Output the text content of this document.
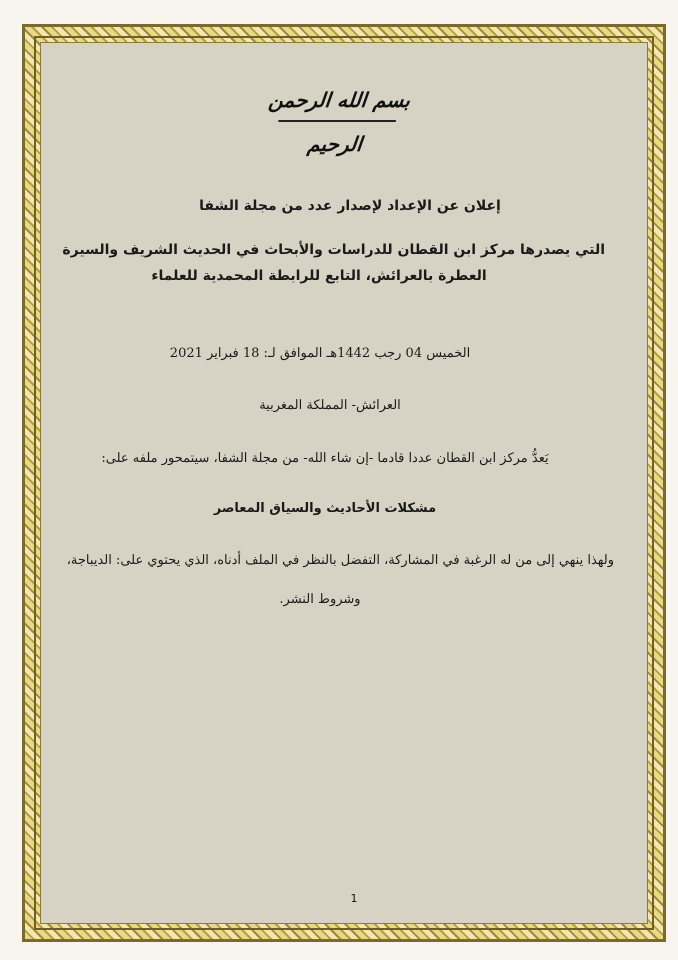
بسم الله الرحمن الرحيم
إعلان عن الإعداد لإصدار عدد من مجلة الشفا
التي يصدرها مركز ابن القطان للدراسات والأبحاث في الحديث الشريف والسيرة
العطرة بالعرائش، التابع للرابطة المحمدية للعلماء
الخميس 04 رجب 1442هـ الموافق لـ: 18 فبراير 2021
العرائش- المملكة المغربية
يَعدُّ مركز ابن القطان عددا قادما -إن شاء الله- من مجلة الشفا، سيتمحور ملفه على:
مشكلات الأحاديث والسياق المعاصر
ولهذا ينهي إلى من له الرغبة في المشاركة، التفضل بالنظر في الملف أدناه، الذي يحتوي على: الديباجة،
وشروط النشر.
1
